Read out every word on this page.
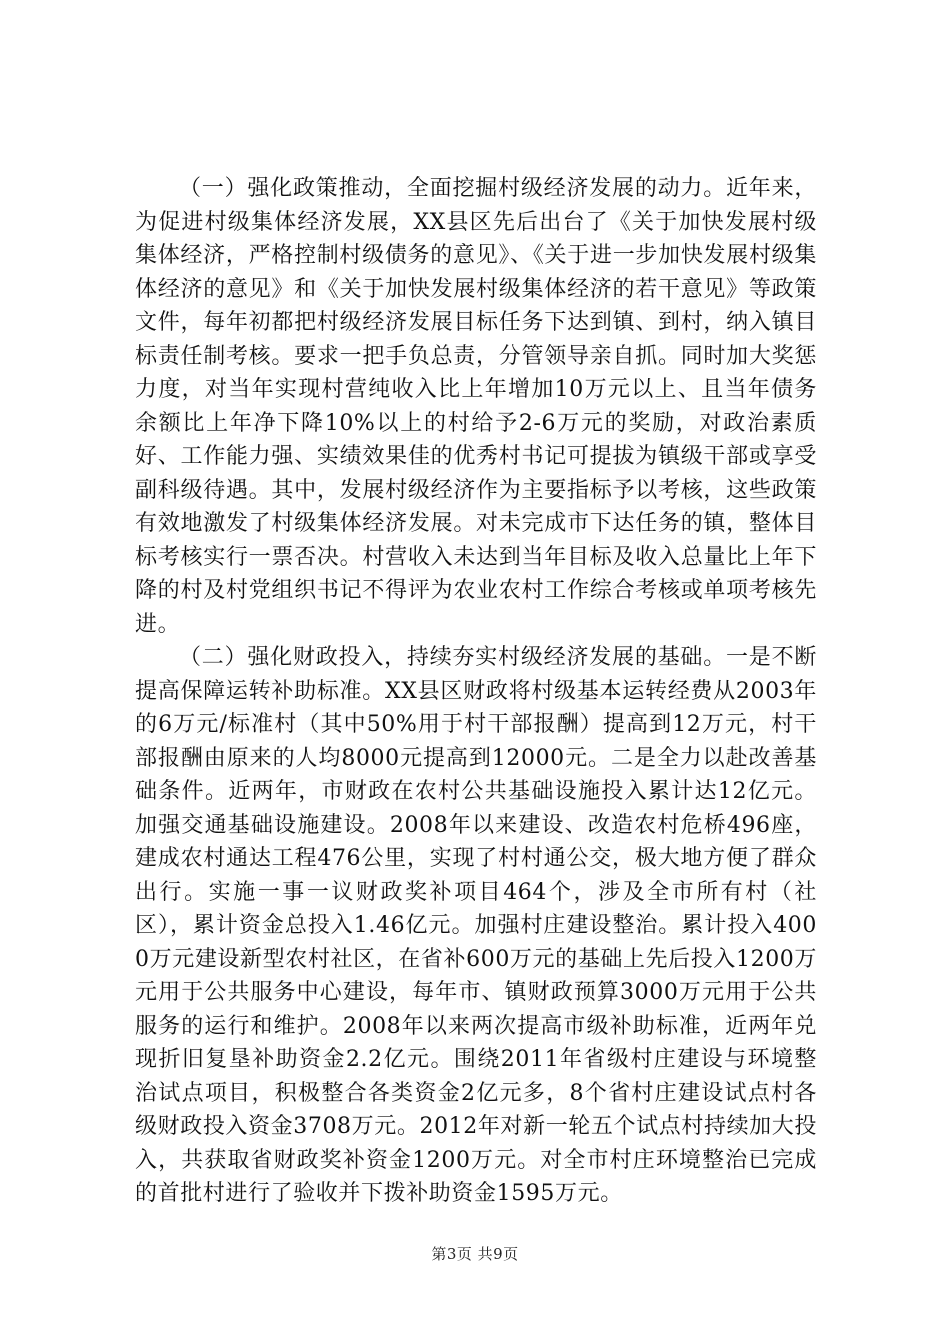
（一）强化政策推动，全面挖掘村级经济发展的动力。近年来，为促进村级集体经济发展，XX县区先后出台了《关于加快发展村级集体经济，严格控制村级债务的意见》、《关于进一步加快发展村级集体经济的意见》和《关于加快发展村级集体经济的若干意见》等政策文件，每年初都把村级经济发展目标任务下达到镇、到村，纳入镇目标责任制考核。要求一把手负总责，分管领导亲自抓。同时加大奖惩力度，对当年实现村营纯收入比上年增加10万元以上、且当年债务余额比上年净下降10%以上的村给予2-6万元的奖励，对政治素质好、工作能力强、实绩效果佳的优秀村书记可提拔为镇级干部或享受副科级待遇。其中，发展村级经济作为主要指标予以考核，这些政策有效地激发了村级集体经济发展。对未完成市下达任务的镇，整体目标考核实行一票否决。村营收入未达到当年目标及收入总量比上年下降的村及村党组织书记不得评为农业农村工作综合考核或单项考核先进。

（二）强化财政投入，持续夯实村级经济发展的基础。一是不断提高保障运转补助标准。XX县区财政将村级基本运转经费从2003年的6万元/标准村（其中50%用于村干部报酬）提高到12万元，村干部报酬由原来的人均8000元提高到12000元。二是全力以赴改善基础条件。近两年，市财政在农村公共基础设施投入累计达12亿元。加强交通基础设施建设。2008年以来建设、改造农村危桥496座，建成农村通达工程476公里，实现了村村通公交，极大地方便了群众出行。实施一事一议财政奖补项目464个，涉及全市所有村（社区），累计资金总投入1.46亿元。加强村庄建设整治。累计投入4000万元建设新型农村社区，在省补600万元的基础上先后投入1200万元用于公共服务中心建设，每年市、镇财政预算3000万元用于公共服务的运行和维护。2008年以来两次提高市级补助标准，近两年兑现折旧复垦补助资金2.2亿元。围绕2011年省级村庄建设与环境整治试点项目，积极整合各类资金2亿元多，8个省村庄建设试点村各级财政投入资金3708万元。2012年对新一轮五个试点村持续加大投入，共获取省财政奖补资金1200万元。对全市村庄环境整治已完成的首批村进行了验收并下拨补助资金1595万元。

第3页 共9页
